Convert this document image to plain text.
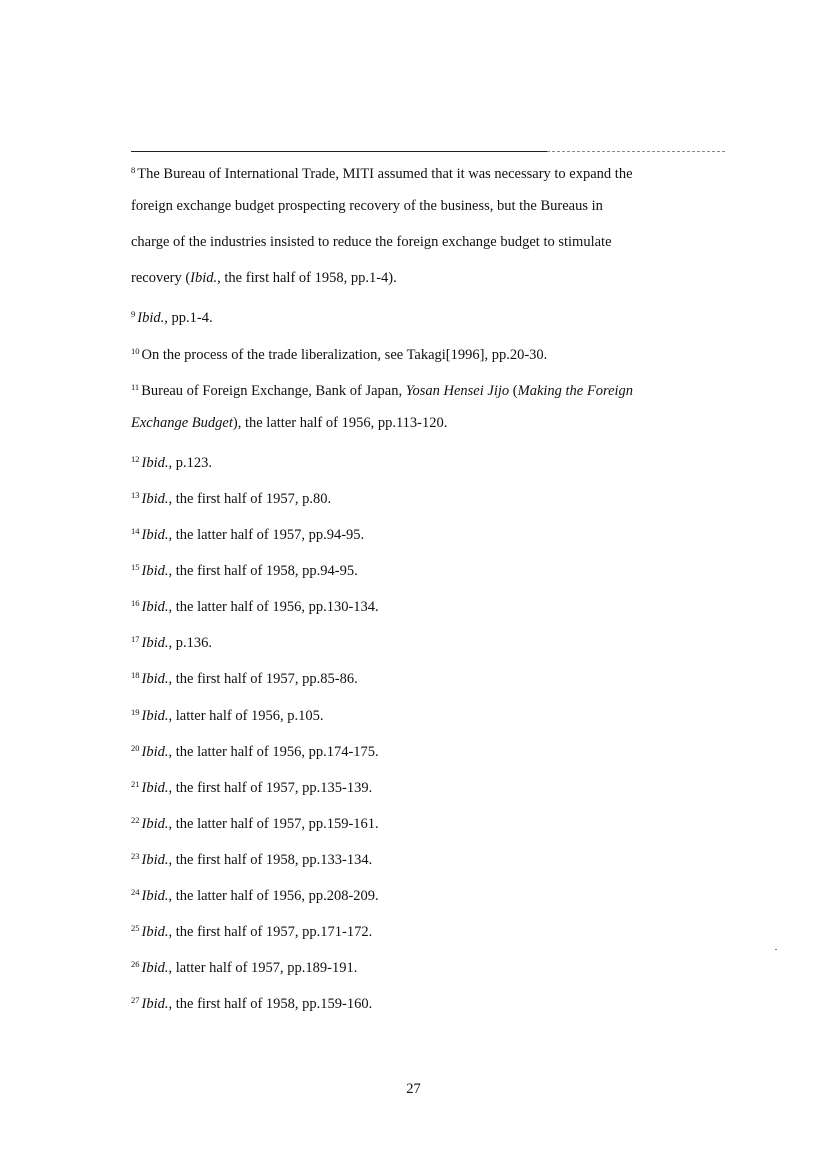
$^8$ The Bureau of International Trade, MITI assumed that it was necessary to expand the
foreign exchange budget prospecting recovery of the business, but the Bureaus in
charge of the industries insisted to reduce the foreign exchange budget to stimulate
recovery (Ibid., the first half of 1958, pp.1-4).
$^9$ Ibid., pp.1-4.
$^{10}$ On the process of the trade liberalization, see Takagi[1996], pp.20-30.
$^{11}$ Bureau of Foreign Exchange, Bank of Japan, Yosan Hensei Jijo (Making the Foreign
Exchange Budget), the latter half of 1956, pp.113-120.
$^{12}$ Ibid., p.123.
$^{13}$ Ibid., the first half of 1957, p.80.
$^{14}$ Ibid., the latter half of 1957, pp.94-95.
$^{15}$ Ibid., the first half of 1958, pp.94-95.
$^{16}$ Ibid., the latter half of 1956, pp.130-134.
$^{17}$ Ibid., p.136.
$^{18}$ Ibid., the first half of 1957, pp.85-86.
$^{19}$ Ibid., latter half of 1956, p.105.
$^{20}$ Ibid., the latter half of 1956, pp.174-175.
$^{21}$ Ibid., the first half of 1957, pp.135-139.
$^{22}$ Ibid., the latter half of 1957, pp.159-161.
$^{23}$ Ibid., the first half of 1958, pp.133-134.
$^{24}$ Ibid., the latter half of 1956, pp.208-209.
$^{25}$ Ibid., the first half of 1957, pp.171-172.
$^{26}$ Ibid., latter half of 1957, pp.189-191.
$^{27}$ Ibid., the first half of 1958, pp.159-160.
27
